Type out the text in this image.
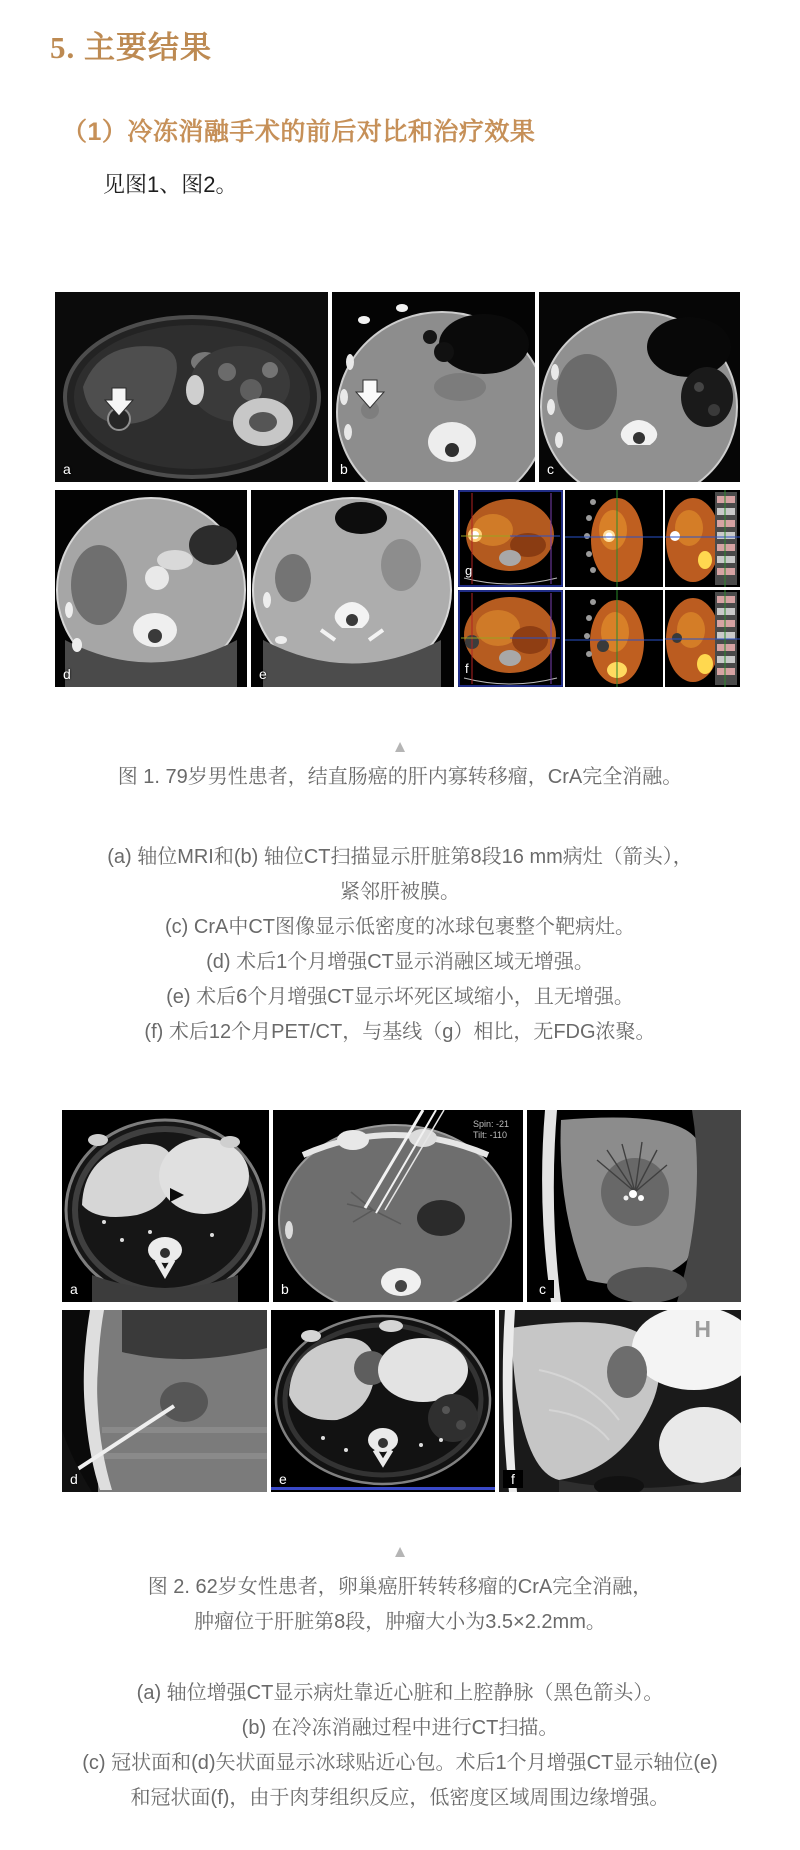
5. 主要结果
（1）冷冻消融手术的前后对比和治疗效果

见图1、图2。

a	b	c
d	e
g
f

▲

图 1. 79岁男性患者，结直肠癌的肝内寡转移瘤，CrA完全消融。

(a) 轴位MRI和(b) 轴位CT扫描显示肝脏第8段16 mm病灶（箭头），

紧邻肝被膜。

(c) CrA中CT图像显示低密度的冰球包裹整个靶病灶。

(d) 术后1个月增强CT显示消融区域无增强。

(e) 术后6个月增强CT显示坏死区域缩小，且无增强。

(f) 术后12个月PET/CT，与基线（g）相比，无FDG浓聚。

a
Spin: -21
Tilt: -110
b	c
d	e
H
f

▲

图 2. 62岁女性患者，卵巢癌肝转转移瘤的CrA完全消融，

肿瘤位于肝脏第8段，肿瘤大小为3.5×2.2mm。

(a) 轴位增强CT显示病灶靠近心脏和上腔静脉（黑色箭头）。

(b) 在冷冻消融过程中进行CT扫描。

(c) 冠状面和(d)矢状面显示冰球贴近心包。术后1个月增强CT显示轴位(e)

和冠状面(f)，由于肉芽组织反应，低密度区域周围边缘增强。
